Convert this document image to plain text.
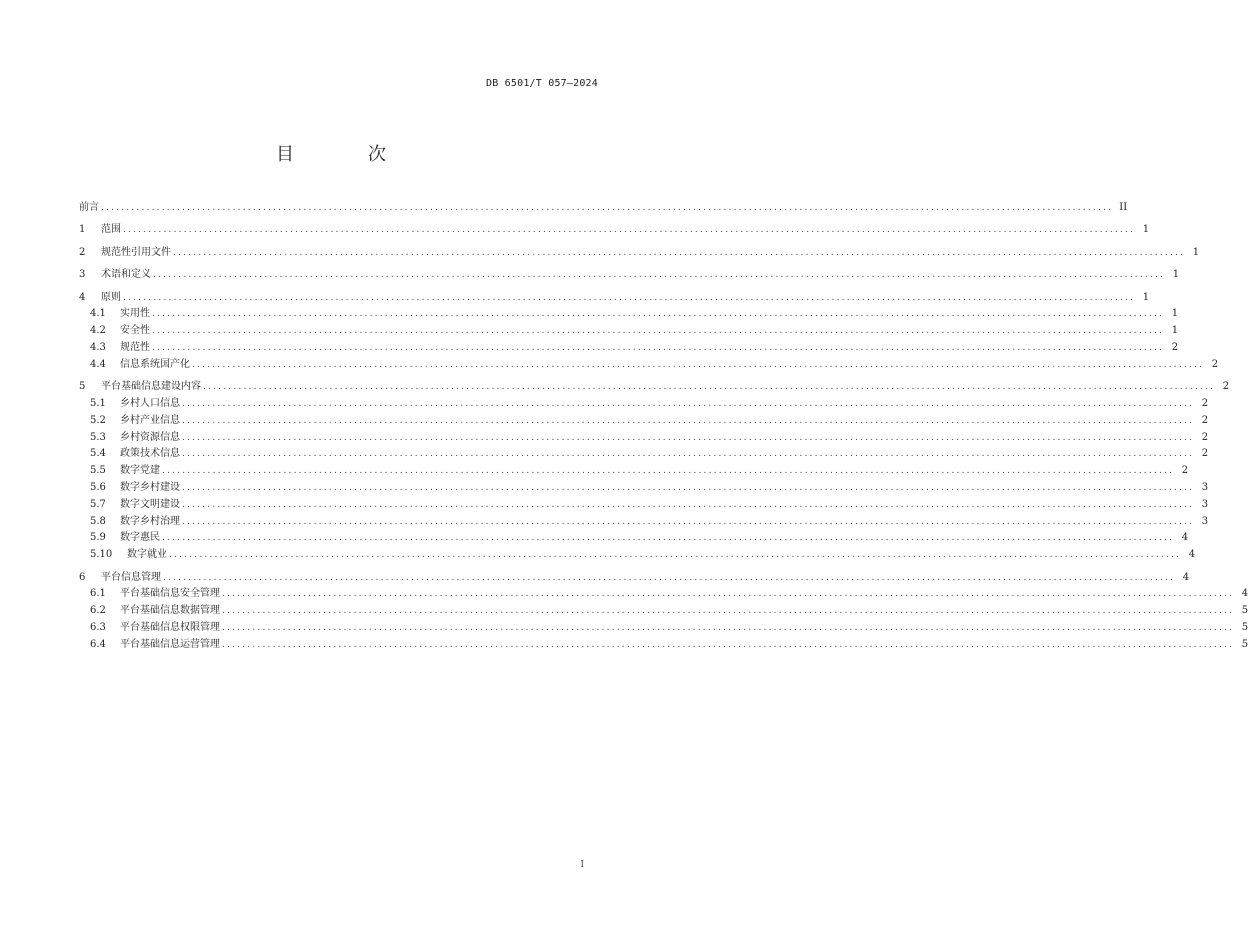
DB 6501/T 057—2024
目　次
前言 ........................................................................................................................................................................................................ II
1	范围 ........................................................................................................................................................................................................ 1
2	规范性引用文件 ........................................................................................................................................................................................................ 1
3	术语和定义 ........................................................................................................................................................................................................ 1
4	原则 ........................................................................................................................................................................................................ 1
4.1	实用性 ........................................................................................................................................................................................................ 1
4.2	安全性 ........................................................................................................................................................................................................ 1
4.3	规范性 ........................................................................................................................................................................................................ 2
4.4	信息系统国产化 ........................................................................................................................................................................................................ 2
5	平台基础信息建设内容 ........................................................................................................................................................................................................ 2
5.1	乡村人口信息 ........................................................................................................................................................................................................ 2
5.2	乡村产业信息 ........................................................................................................................................................................................................ 2
5.3	乡村资源信息 ........................................................................................................................................................................................................ 2
5.4	政策技术信息 ........................................................................................................................................................................................................ 2
5.5	数字党建 ........................................................................................................................................................................................................ 2
5.6	数字乡村建设 ........................................................................................................................................................................................................ 3
5.7	数字文明建设 ........................................................................................................................................................................................................ 3
5.8	数字乡村治理 ........................................................................................................................................................................................................ 3
5.9	数字惠民 ........................................................................................................................................................................................................ 4
5.10	数字就业 ........................................................................................................................................................................................................ 4
6	平台信息管理 ........................................................................................................................................................................................................ 4
6.1	平台基础信息安全管理 ........................................................................................................................................................................................................ 4
6.2	平台基础信息数据管理 ........................................................................................................................................................................................................ 5
6.3	平台基础信息权限管理 ........................................................................................................................................................................................................ 5
6.4	平台基础信息运营管理 ........................................................................................................................................................................................................ 5
I
